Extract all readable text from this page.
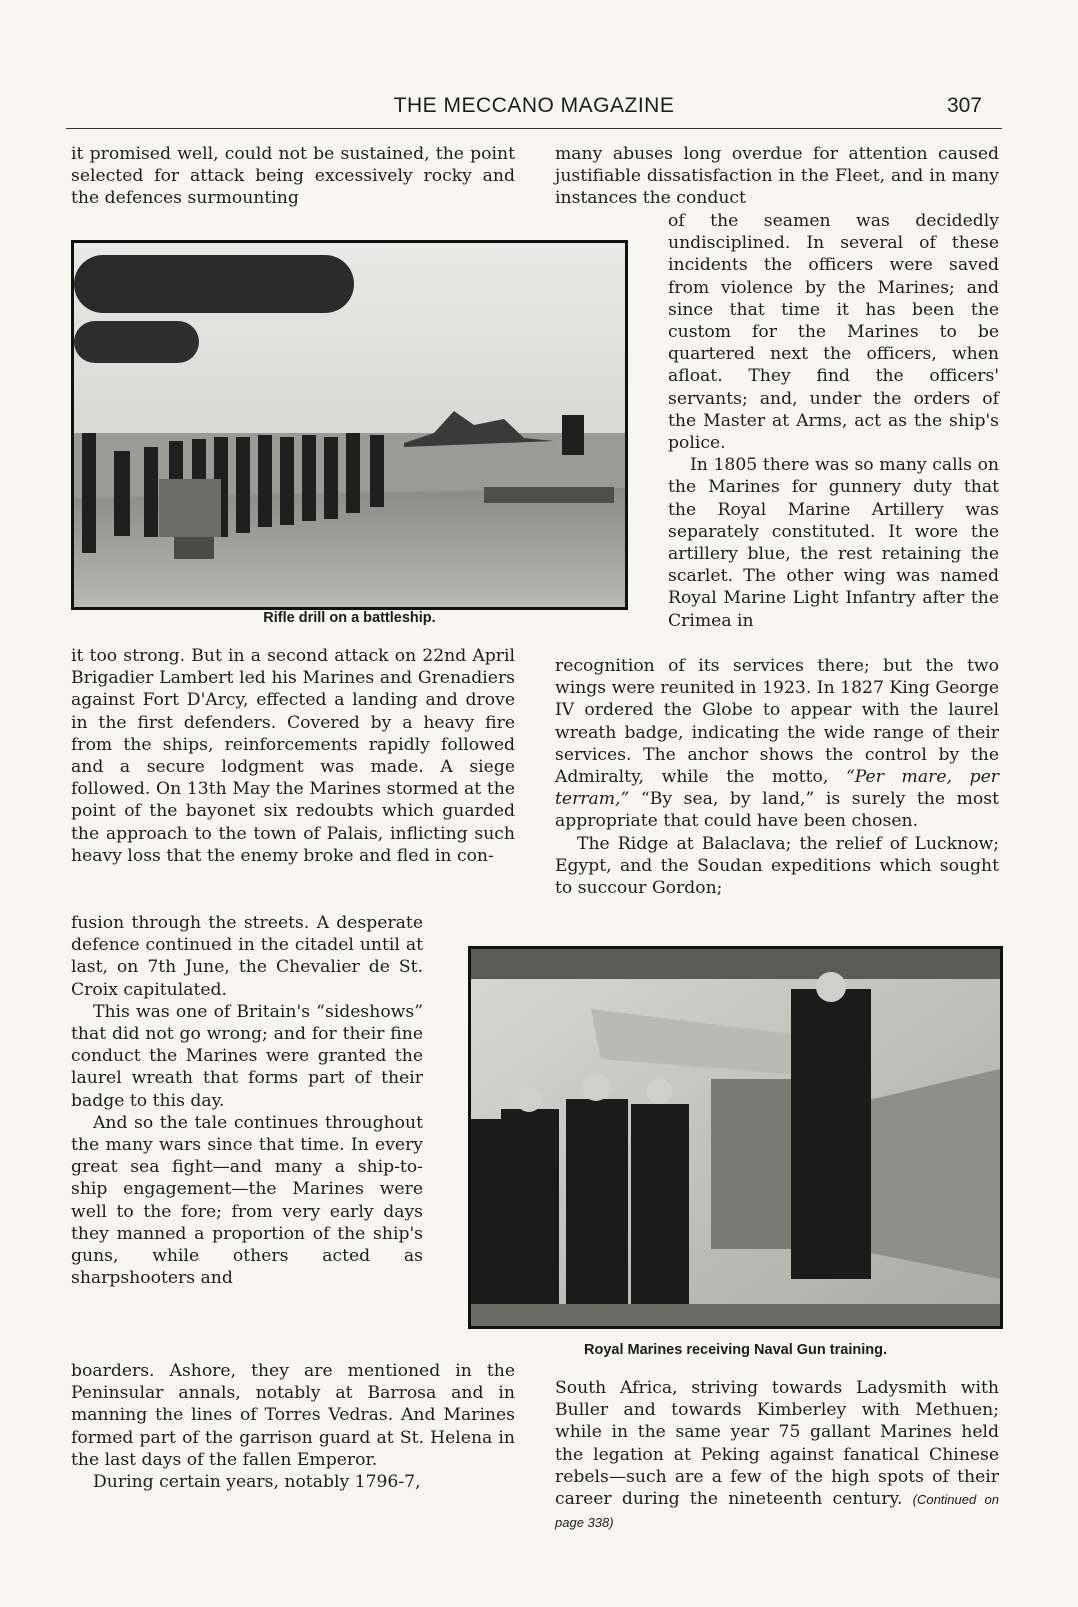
THE MECCANO MAGAZINE	307

it promised well, could not be sustained, the point selected for attack being excessively rocky and the defences surmounting

Rifle drill on a battleship.

it too strong. But in a second attack on 22nd April Brigadier Lambert led his Marines and Grenadiers against Fort D'Arcy, effected a landing and drove in the first defenders. Covered by a heavy fire from the ships, reinforcements rapidly followed and a secure lodgment was made. A siege followed. On 13th May the Marines stormed at the point of the bayonet six redoubts which guarded the approach to the town of Palais, inflicting such heavy loss that the enemy broke and fled in con-

fusion through the streets. A desperate defence continued in the citadel until at last, on 7th June, the Chevalier de St. Croix capitulated.

This was one of Britain's “sideshows” that did not go wrong; and for their fine conduct the Marines were granted the laurel wreath that forms part of their badge to this day.

And so the tale continues throughout the many wars since that time. In every great sea fight—and many a ship-to-ship engagement—the Marines were well to the fore; from very early days they manned a proportion of the ship's guns, while others acted as sharpshooters and

boarders. Ashore, they are mentioned in the Peninsular annals, notably at Barrosa and in manning the lines of Torres Vedras. And Marines formed part of the garrison guard at St. Helena in the last days of the fallen Emperor.

During certain years, notably 1796-7,

many abuses long overdue for attention caused justifiable dissatisfaction in the Fleet, and in many instances the conduct

of the seamen was decidedly undisciplined. In several of these incidents the officers were saved from violence by the Marines; and since that time it has been the custom for the Marines to be quartered next the officers, when afloat. They find the officers' servants; and, under the orders of the Master at Arms, act as the ship's police.

In 1805 there was so many calls on the Marines for gunnery duty that the Royal Marine Artillery was separately constituted. It wore the artillery blue, the rest retaining the scarlet. The other wing was named Royal Marine Light Infantry after the Crimea in

recognition of its services there; but the two wings were reunited in 1923. In 1827 King George IV ordered the Globe to appear with the laurel wreath badge, indicating the wide range of their services. The anchor shows the control by the Admiralty, while the motto, “Per mare, per terram,” “By sea, by land,” is surely the most appropriate that could have been chosen.

The Ridge at Balaclava; the relief of Lucknow; Egypt, and the Soudan expeditions which sought to succour Gordon;

Royal Marines receiving Naval Gun training.

South Africa, striving towards Ladysmith with Buller and towards Kimberley with Methuen; while in the same year 75 gallant Marines held the legation at Peking against fanatical Chinese rebels—such are a few of the high spots of their career during the nineteenth century. (Continued on page 338)
